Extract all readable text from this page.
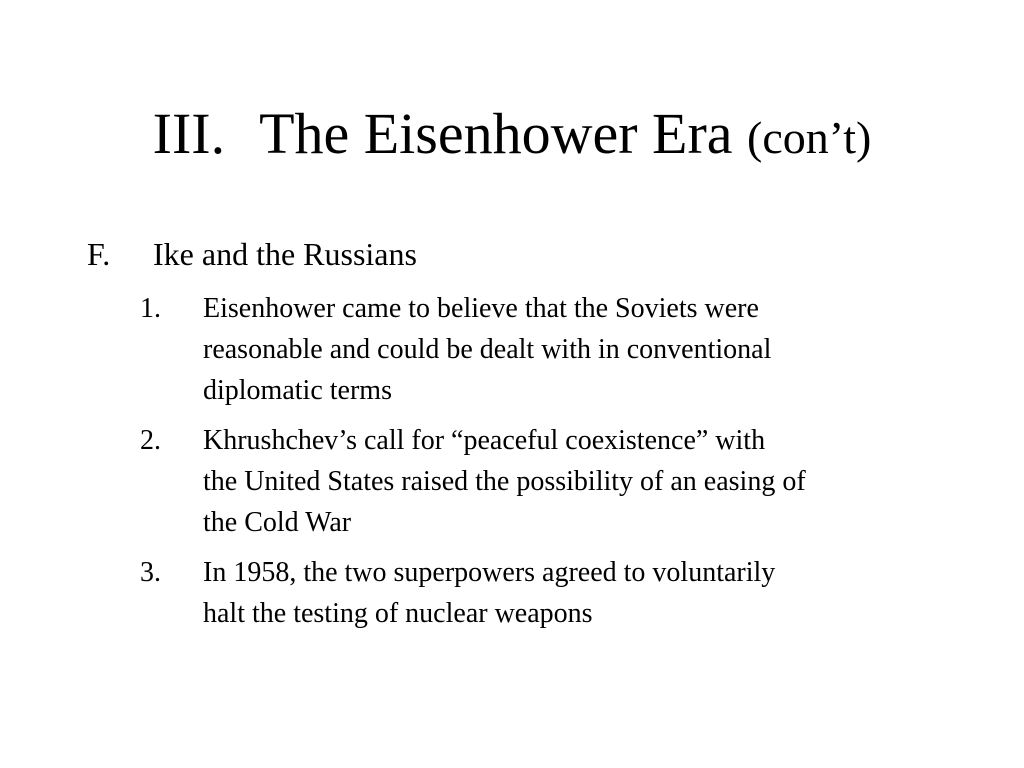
III. The Eisenhower Era (con’t)
F. Ike and the Russians
1.	Eisenhower came to believe that the Soviets were
reasonable and could be dealt with in conventional
diplomatic terms
2.	Khrushchev’s call for “peaceful coexistence” with
the United States raised the possibility of an easing of
the Cold War
3.	In 1958, the two superpowers agreed to voluntarily
halt the testing of nuclear weapons
